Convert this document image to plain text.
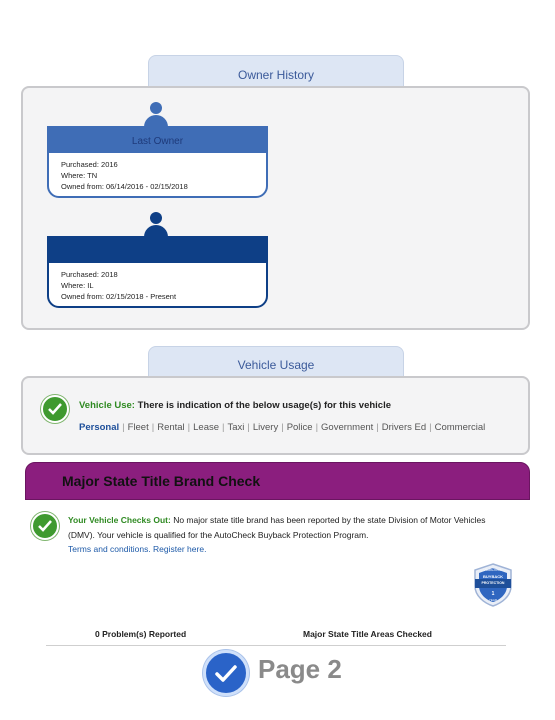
Owner History
Last Owner
Purchased: 2016
Where: TN
Owned from: 06/14/2016 - 02/15/2018
Purchased: 2018
Where: IL
Owned from: 02/15/2018 - Present
Vehicle Usage
Vehicle Use: There is indication of the below usage(s) for this vehicle
Personal | Fleet | Rental | Lease | Taxi | Livery | Police | Government | Drivers Ed | Commercial
Major State Title Brand Check
Your Vehicle Checks Out: No major state title brand has been reported by the state Division of Motor Vehicles (DMV). Your vehicle is qualified for the AutoCheck Buyback Protection Program.
Terms and conditions. Register here.
AutoCheck
BUYBACK
PROTECTION
1
YEAR
0 Problem(s) Reported	Major State Title Areas Checked
Page 2
